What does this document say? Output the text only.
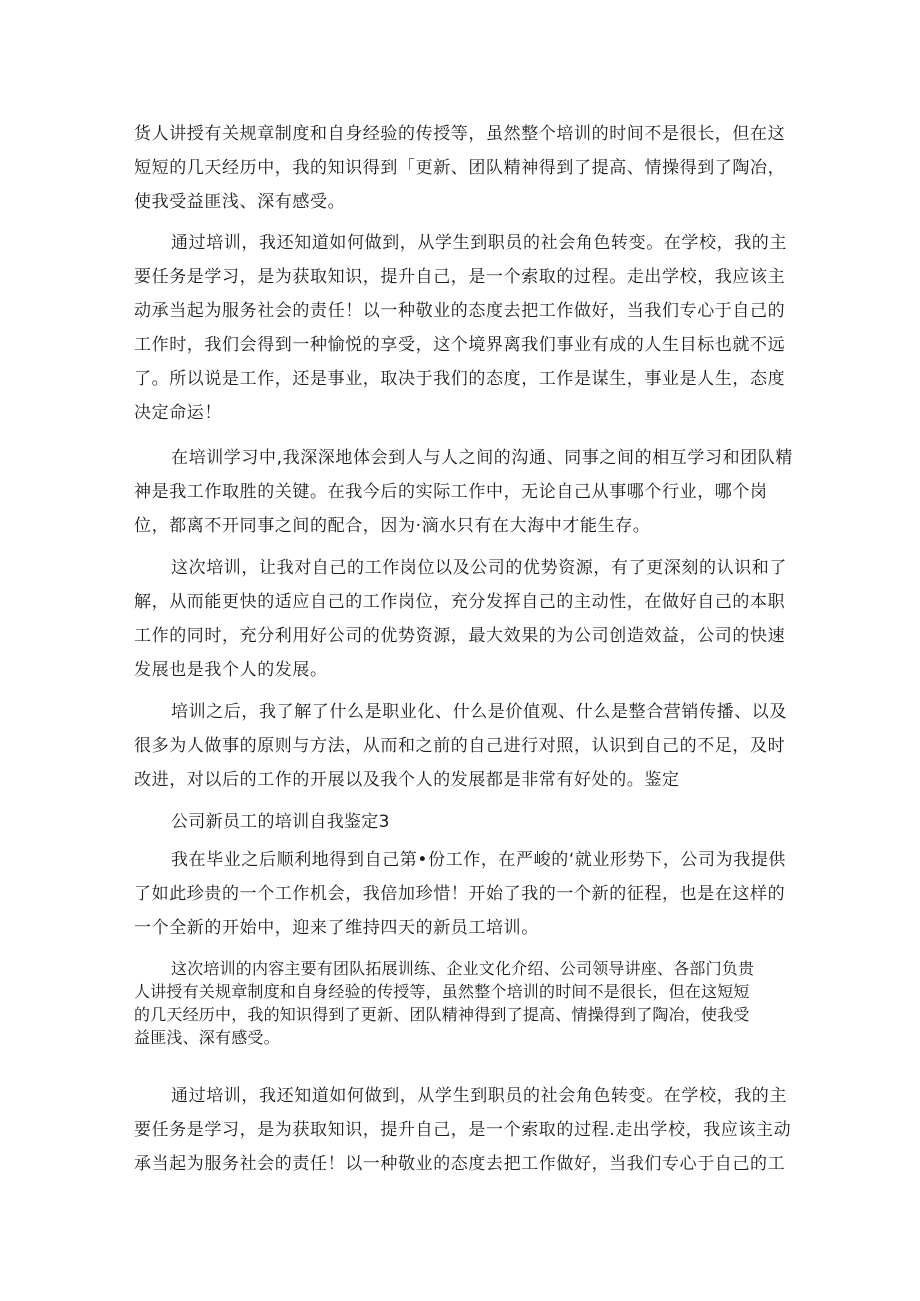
货人讲授有关规章制度和自身经验的传授等，虽然整个培训的时间不是很长，但在这
短短的几天经历中，我的知识得到「更新、团队精神得到了提高、情操得到了陶冶，
使我受益匪浅、深有感受。
通过培训，我还知道如何做到，从学生到职员的社会角色转变。在学校，我的主
要任务是学习，是为获取知识，提升自己，是一个索取的过程。走出学校，我应该主
动承当起为服务社会的责任！以一种敬业的态度去把工作做好，当我们专心于自己的
工作时，我们会得到一种愉悦的享受，这个境界离我们事业有成的人生目标也就不远
了。所以说是工作，还是事业，取决于我们的态度，工作是谋生，事业是人生，态度
决定命运！
在培训学习中,我深深地体会到人与人之间的沟通、同事之间的相互学习和团队精
神是我工作取胜的关键。在我今后的实际工作中，无论自己从事哪个行业，哪个岗
位，都离不开同事之间的配合，因为·滴水只有在大海中才能生存。
这次培训，让我对自己的工作岗位以及公司的优势资源，有了更深刻的认识和了
解，从而能更快的适应自己的工作岗位，充分发挥自己的主动性，在做好自己的本职
工作的同时，充分利用好公司的优势资源，最大效果的为公司创造效益，公司的快速
发展也是我个人的发展。
培训之后，我了解了什么是职业化、什么是价值观、什么是整合营销传播、以及
很多为人做事的原则与方法，从而和之前的自己进行对照，认识到自己的不足，及时
改进，对以后的工作的开展以及我个人的发展都是非常有好处的。鉴定
公司新员工的培训自我鉴定3
我在毕业之后顺利地得到自己第•份工作，在严峻的‘就业形势下，公司为我提供
了如此珍贵的一个工作机会，我倍加珍惜！开始了我的一个新的征程，也是在这样的
一个全新的开始中，迎来了维持四天的新员工培训。
这次培训的内容主要有团队拓展训练、企业文化介绍、公司领导讲座、各部门负贵
人讲授有关规章制度和自身经验的传授等，虽然整个培训的时间不是很长，但在这短短
的几天经历中，我的知识得到了更新、团队精神得到了提高、情操得到了陶冶，使我受
益匪浅、深有感受。
通过培训，我还知道如何做到，从学生到职员的社会角色转变。在学校，我的主
要任务是学习，是为获取知识，提升自己，是一个索取的过程.走出学校，我应该主动
承当起为服务社会的责任！以一种敬业的态度去把工作做好，当我们专心于自己的工
